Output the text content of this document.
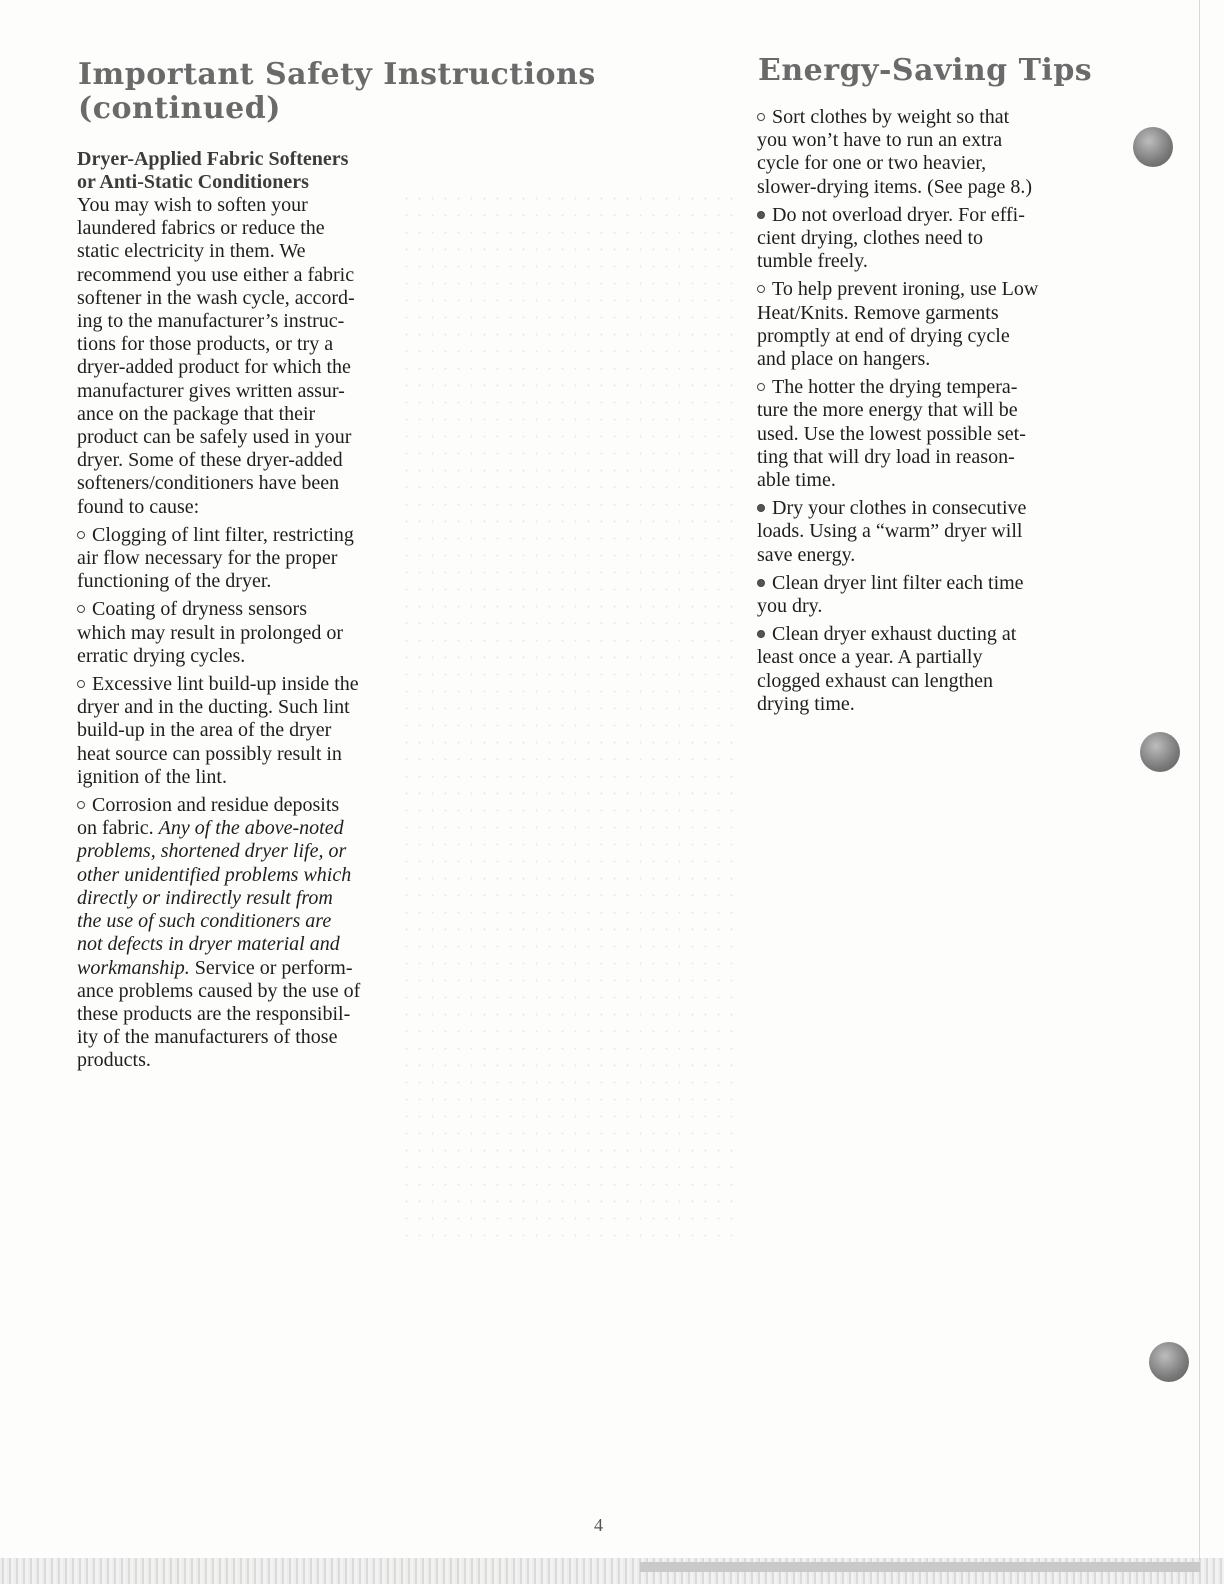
Important Safety Instructions
(continued)
Dryer-Applied Fabric Softeners
or Anti-Static Conditioners

You may wish to soften your
laundered fabrics or reduce the
static electricity in them. We
recommend you use either a fabric
softener in the wash cycle, accord-
ing to the manufacturer’s instruc-
tions for those products, or try a
dryer-added product for which the
manufacturer gives written assur-
ance on the package that their
product can be safely used in your
dryer. Some of these dryer-added
softeners/conditioners have been
found to cause:

Clogging of lint filter, restricting
air flow necessary for the proper
functioning of the dryer.

Coating of dryness sensors
which may result in prolonged or
erratic drying cycles.

Excessive lint build-up inside the
dryer and in the ducting. Such lint
build-up in the area of the dryer
heat source can possibly result in
ignition of the lint.

Corrosion and residue deposits
on fabric. Any of the above-noted
problems, shortened dryer life, or
other unidentified problems which
directly or indirectly result from
the use of such conditioners are
not defects in dryer material and
workmanship. Service or perform-
ance problems caused by the use of
these products are the responsibil-
ity of the manufacturers of those
products.

Energy-Saving Tips

Sort clothes by weight so that
you won’t have to run an extra
cycle for one or two heavier,
slower-drying items. (See page 8.)

Do not overload dryer. For effi-
cient drying, clothes need to
tumble freely.

To help prevent ironing, use Low
Heat/Knits. Remove garments
promptly at end of drying cycle
and place on hangers.

The hotter the drying tempera-
ture the more energy that will be
used. Use the lowest possible set-
ting that will dry load in reason-
able time.

Dry your clothes in consecutive
loads. Using a “warm” dryer will
save energy.

Clean dryer lint filter each time
you dry.

Clean dryer exhaust ducting at
least once a year. A partially
clogged exhaust can lengthen
drying time.

4
